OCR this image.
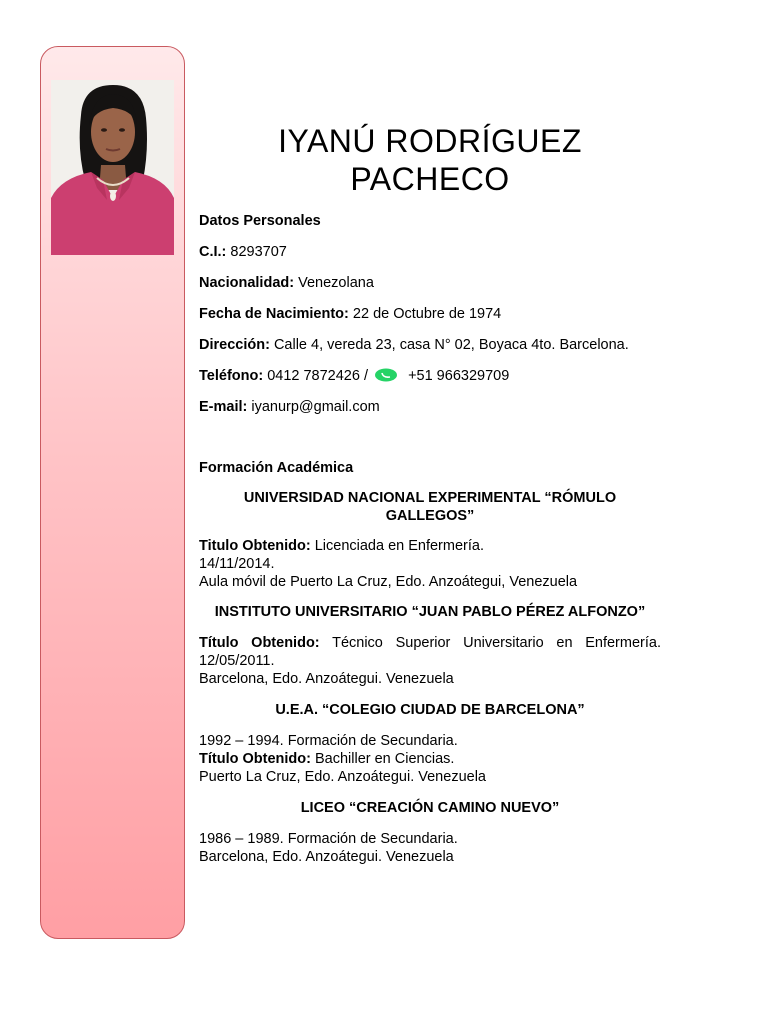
IYANÚ RODRÍGUEZ
PACHECO

Datos Personales

C.I.: 8293707

Nacionalidad: Venezolana

Fecha de Nacimiento: 22 de Octubre de 1974

Dirección: Calle 4, vereda 23, casa N° 02, Boyaca 4to. Barcelona.

Teléfono: 0412 7872426 /	+51 966329709

E-mail: iyanurp@gmail.com

Formación Académica

UNIVERSIDAD NACIONAL EXPERIMENTAL “RÓMULO GALLEGOS”

Titulo Obtenido: Licenciada en Enfermería.
14/11/2014.
Aula móvil de Puerto La Cruz, Edo. Anzoátegui, Venezuela

INSTITUTO UNIVERSITARIO “JUAN PABLO PÉREZ ALFONZO”

Título Obtenido: Técnico Superior Universitario en Enfermería.
12/05/2011.
Barcelona, Edo. Anzoátegui. Venezuela

U.E.A. “COLEGIO CIUDAD DE BARCELONA”

1992 – 1994. Formación de Secundaria.
Título Obtenido: Bachiller en Ciencias.
Puerto La Cruz, Edo. Anzoátegui. Venezuela

LICEO “CREACIÓN CAMINO NUEVO”

1986 – 1989. Formación de Secundaria.
Barcelona, Edo. Anzoátegui. Venezuela
